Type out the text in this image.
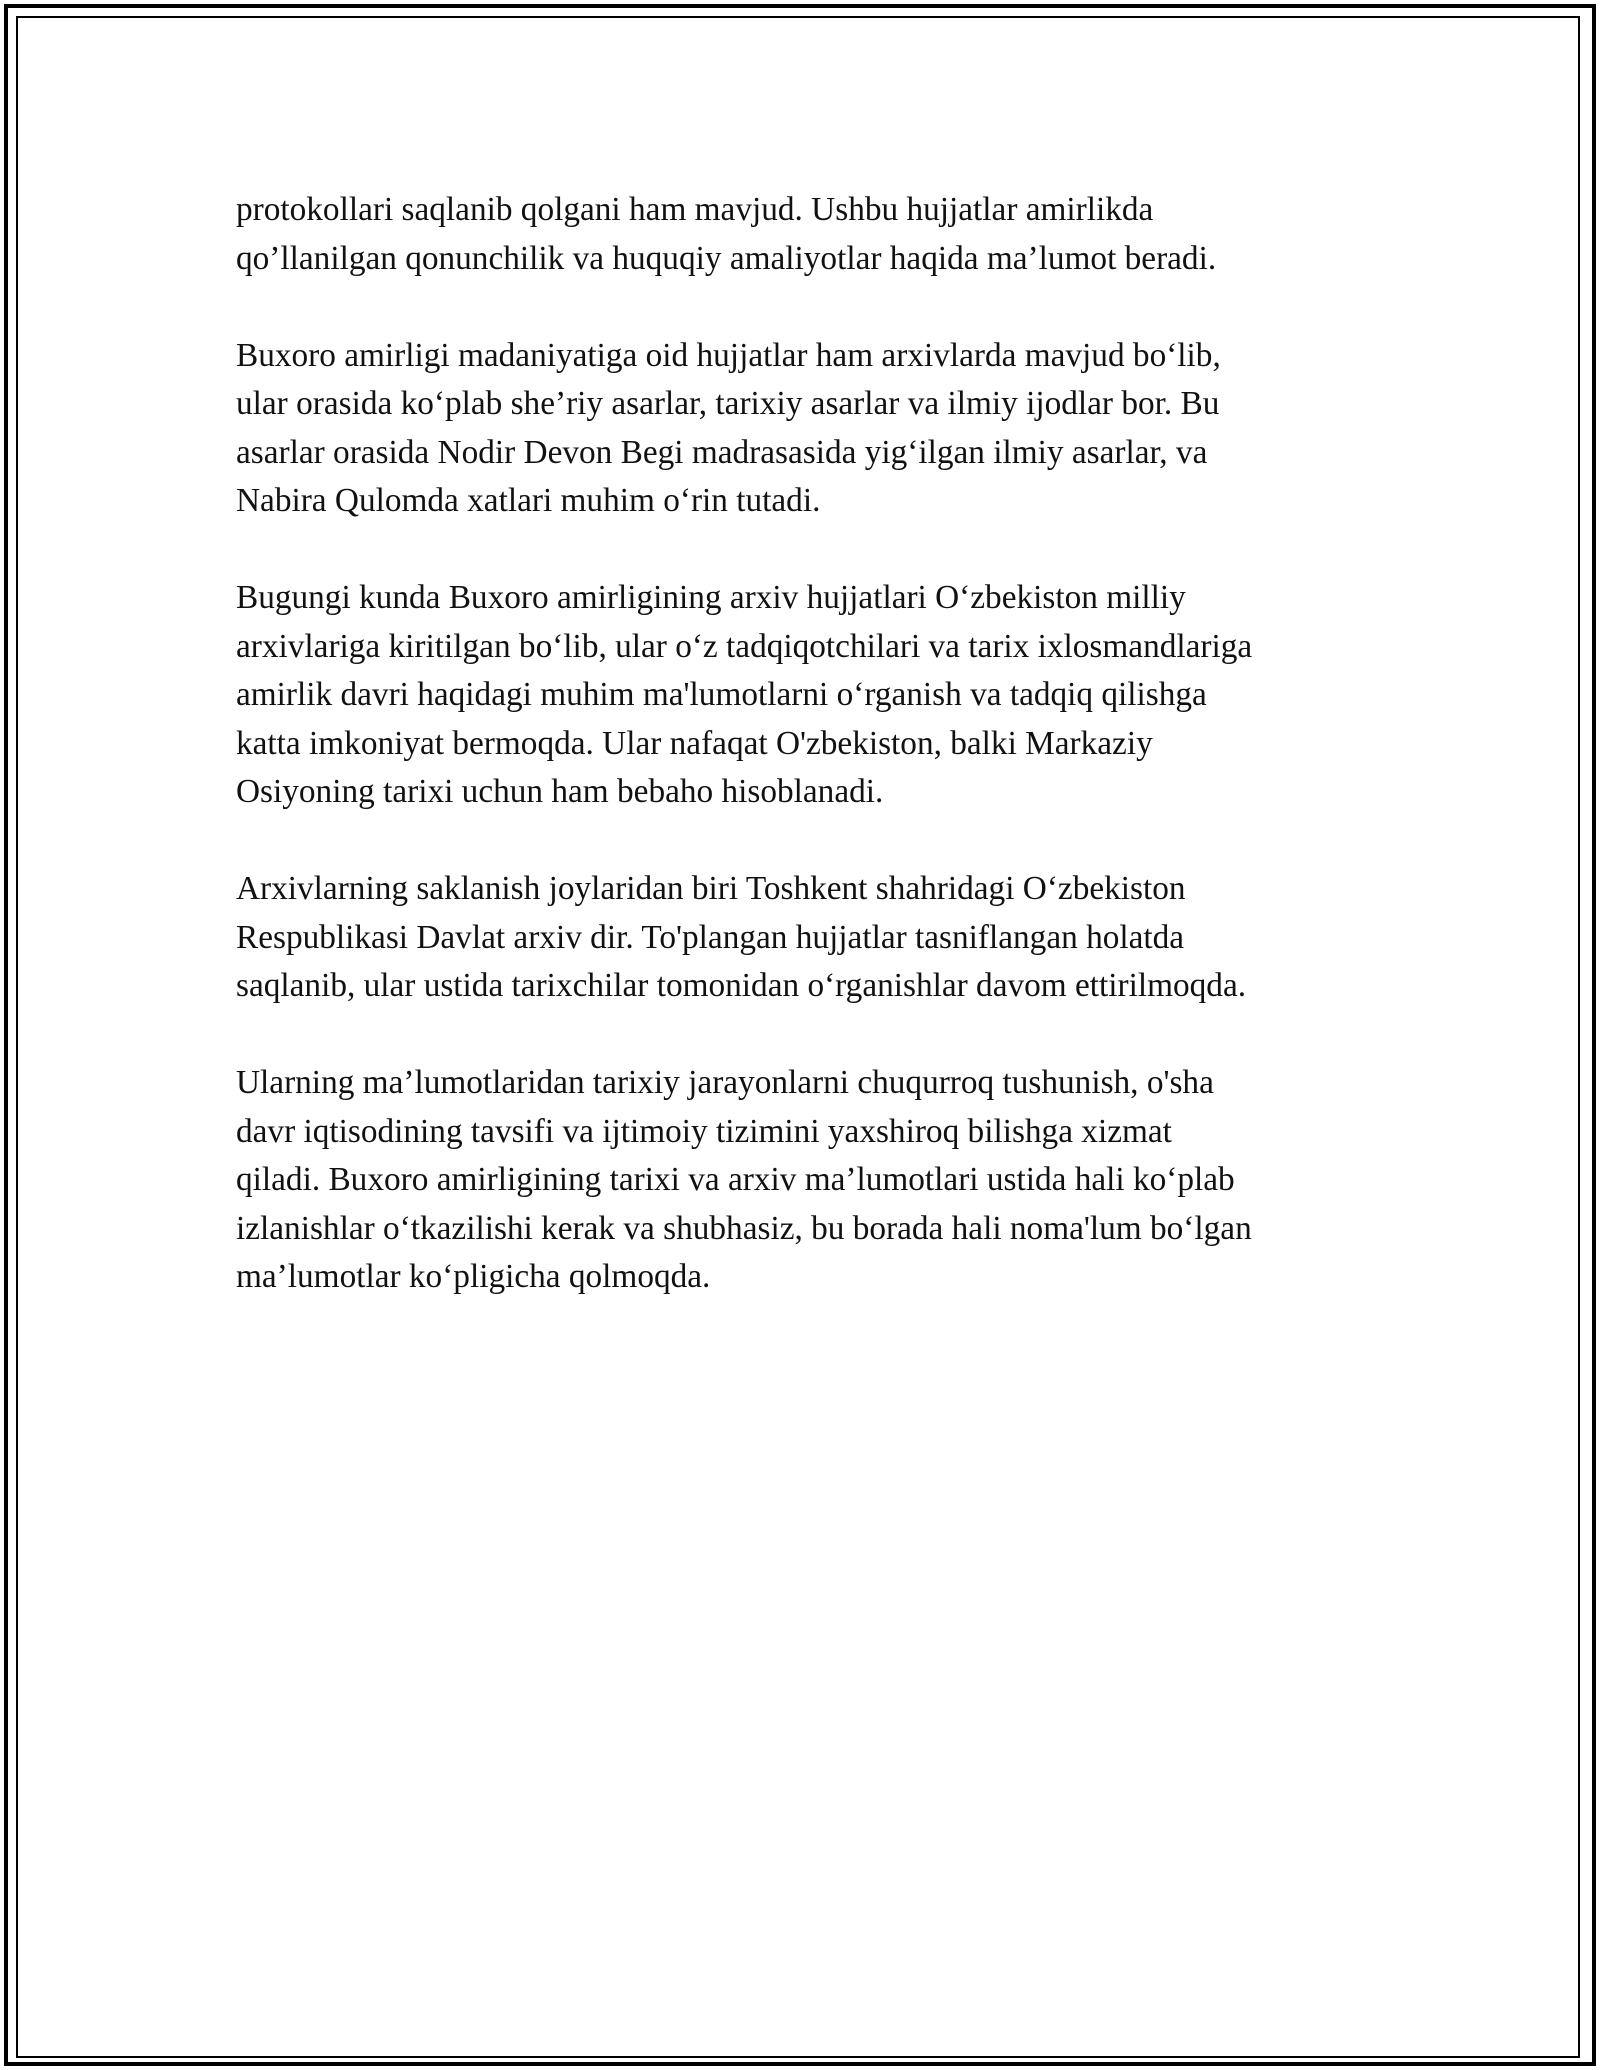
protokollari saqlanib qolgani ham mavjud. Ushbu hujjatlar amirlikda
qo’llanilgan qonunchilik va huquqiy amaliyotlar haqida ma’lumot beradi.

Buxoro amirligi madaniyatiga oid hujjatlar ham arxivlarda mavjud bo‘lib,
ular orasida ko‘plab she’riy asarlar, tarixiy asarlar va ilmiy ijodlar bor. Bu
asarlar orasida Nodir Devon Begi madrasasida yig‘ilgan ilmiy asarlar, va
Nabira Qulomda xatlari muhim o‘rin tutadi.

Bugungi kunda Buxoro amirligining arxiv hujjatlari O‘zbekiston milliy
arxivlariga kiritilgan bo‘lib, ular o‘z tadqiqotchilari va tarix ixlosmandlariga
amirlik davri haqidagi muhim ma'lumotlarni o‘rganish va tadqiq qilishga
katta imkoniyat bermoqda. Ular nafaqat O'zbekiston, balki Markaziy
Osiyoning tarixi uchun ham bebaho hisoblanadi.

Arxivlarning saklanish joylaridan biri Toshkent shahridagi O‘zbekiston
Respublikasi Davlat arxiv dir. To'plangan hujjatlar tasniflangan holatda
saqlanib, ular ustida tarixchilar tomonidan o‘rganishlar davom ettirilmoqda.

Ularning ma’lumotlaridan tarixiy jarayonlarni chuqurroq tushunish, o'sha
davr iqtisodining tavsifi va ijtimoiy tizimini yaxshiroq bilishga xizmat
qiladi. Buxoro amirligining tarixi va arxiv ma’lumotlari ustida hali ko‘plab
izlanishlar o‘tkazilishi kerak va shubhasiz, bu borada hali noma'lum bo‘lgan
ma’lumotlar ko‘pligicha qolmoqda.
